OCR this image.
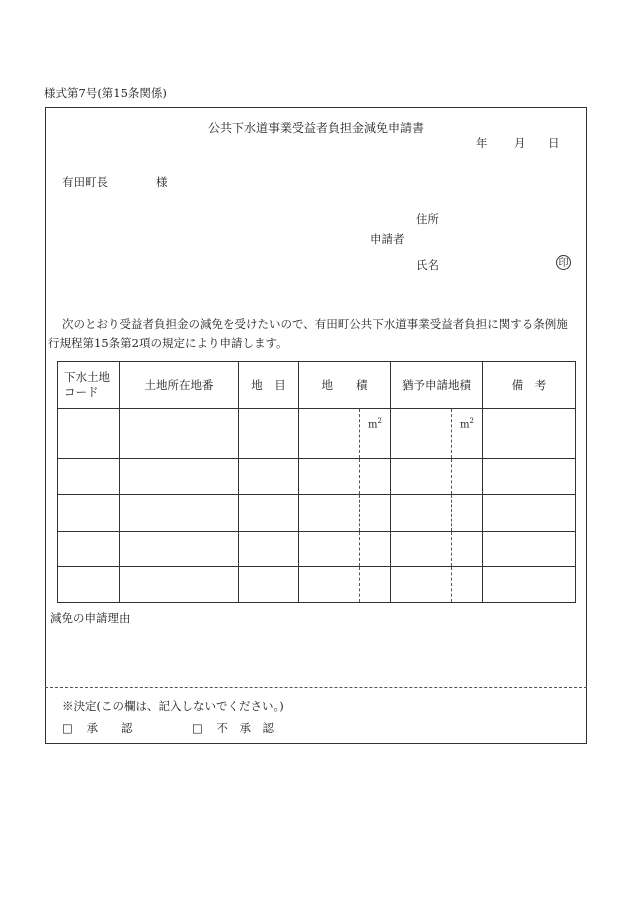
様式第7号(第15条関係)
公共下水道事業受益者負担金減免申請書
年 月 日
有田町長	様
住所
申請者
氏名	印
次のとおり受益者負担金の減免を受けたいので、有田町公共下水道事業受益者負担に関する条例施
行規程第15条第2項の規定により申請します。
下水土地
コード	土地所在地番	地　目	地　　積	猶予申請地積	備　考

			$m^2$	$m^2$

減免の申請理由
※決定(この欄は、記入しないでください。)
□ 承　　認	□ 不　承　認
